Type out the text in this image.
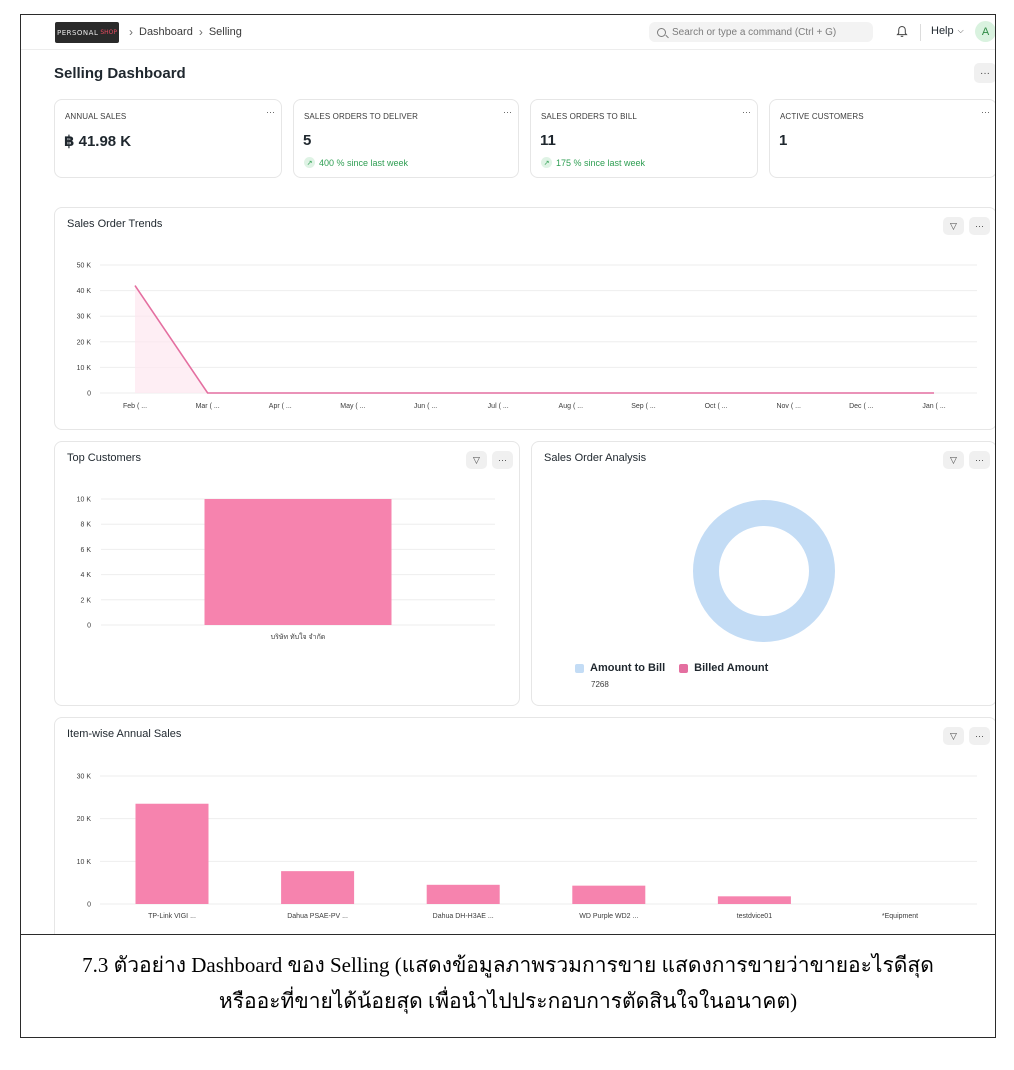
PERSONAL SHOP › Dashboard › Selling	Search or type a command (Ctrl + G)	Help ⌵	A
Selling Dashboard	···
ANNUAL SALES	···
฿ 41.98 K
SALES ORDERS TO DELIVER	···
5
↗ 400 % since last week
SALES ORDERS TO BILL	···
11
↗ 175 % since last week
ACTIVE CUSTOMERS	···
1
Sales Order Trends	▽	···
0
10 K
20 K
30 K
40 K
50 K
Feb ( ...	Mar ( ...	Apr ( ...	May ( ...	Jun ( ...	Jul ( ...	Aug ( ...	Sep ( ...	Oct ( ...	Nov ( ...	Dec ( ...	Jan ( ...
Top Customers	▽	···
0
2 K
4 K
6 K
8 K
10 K
บริษัท ทับใจ จำกัด
Sales Order Analysis	▽	···
Amount to Bill	Billed Amount
7268
Item-wise Annual Sales	▽	···
0
10 K
20 K
30 K
TP-Link VIGI ...	Dahua PSAE-PV ...	Dahua DH-H3AE ...	WD Purple WD2 ...	testdvice01	*Equipment
7.3 ตัวอย่าง Dashboard ของ Selling (แสดงข้อมูลภาพรวมการขาย แสดงการขายว่าขายอะไรดีสุด
หรืออะที่ขายได้น้อยสุด เพื่อนำไปประกอบการตัดสินใจในอนาคต)
